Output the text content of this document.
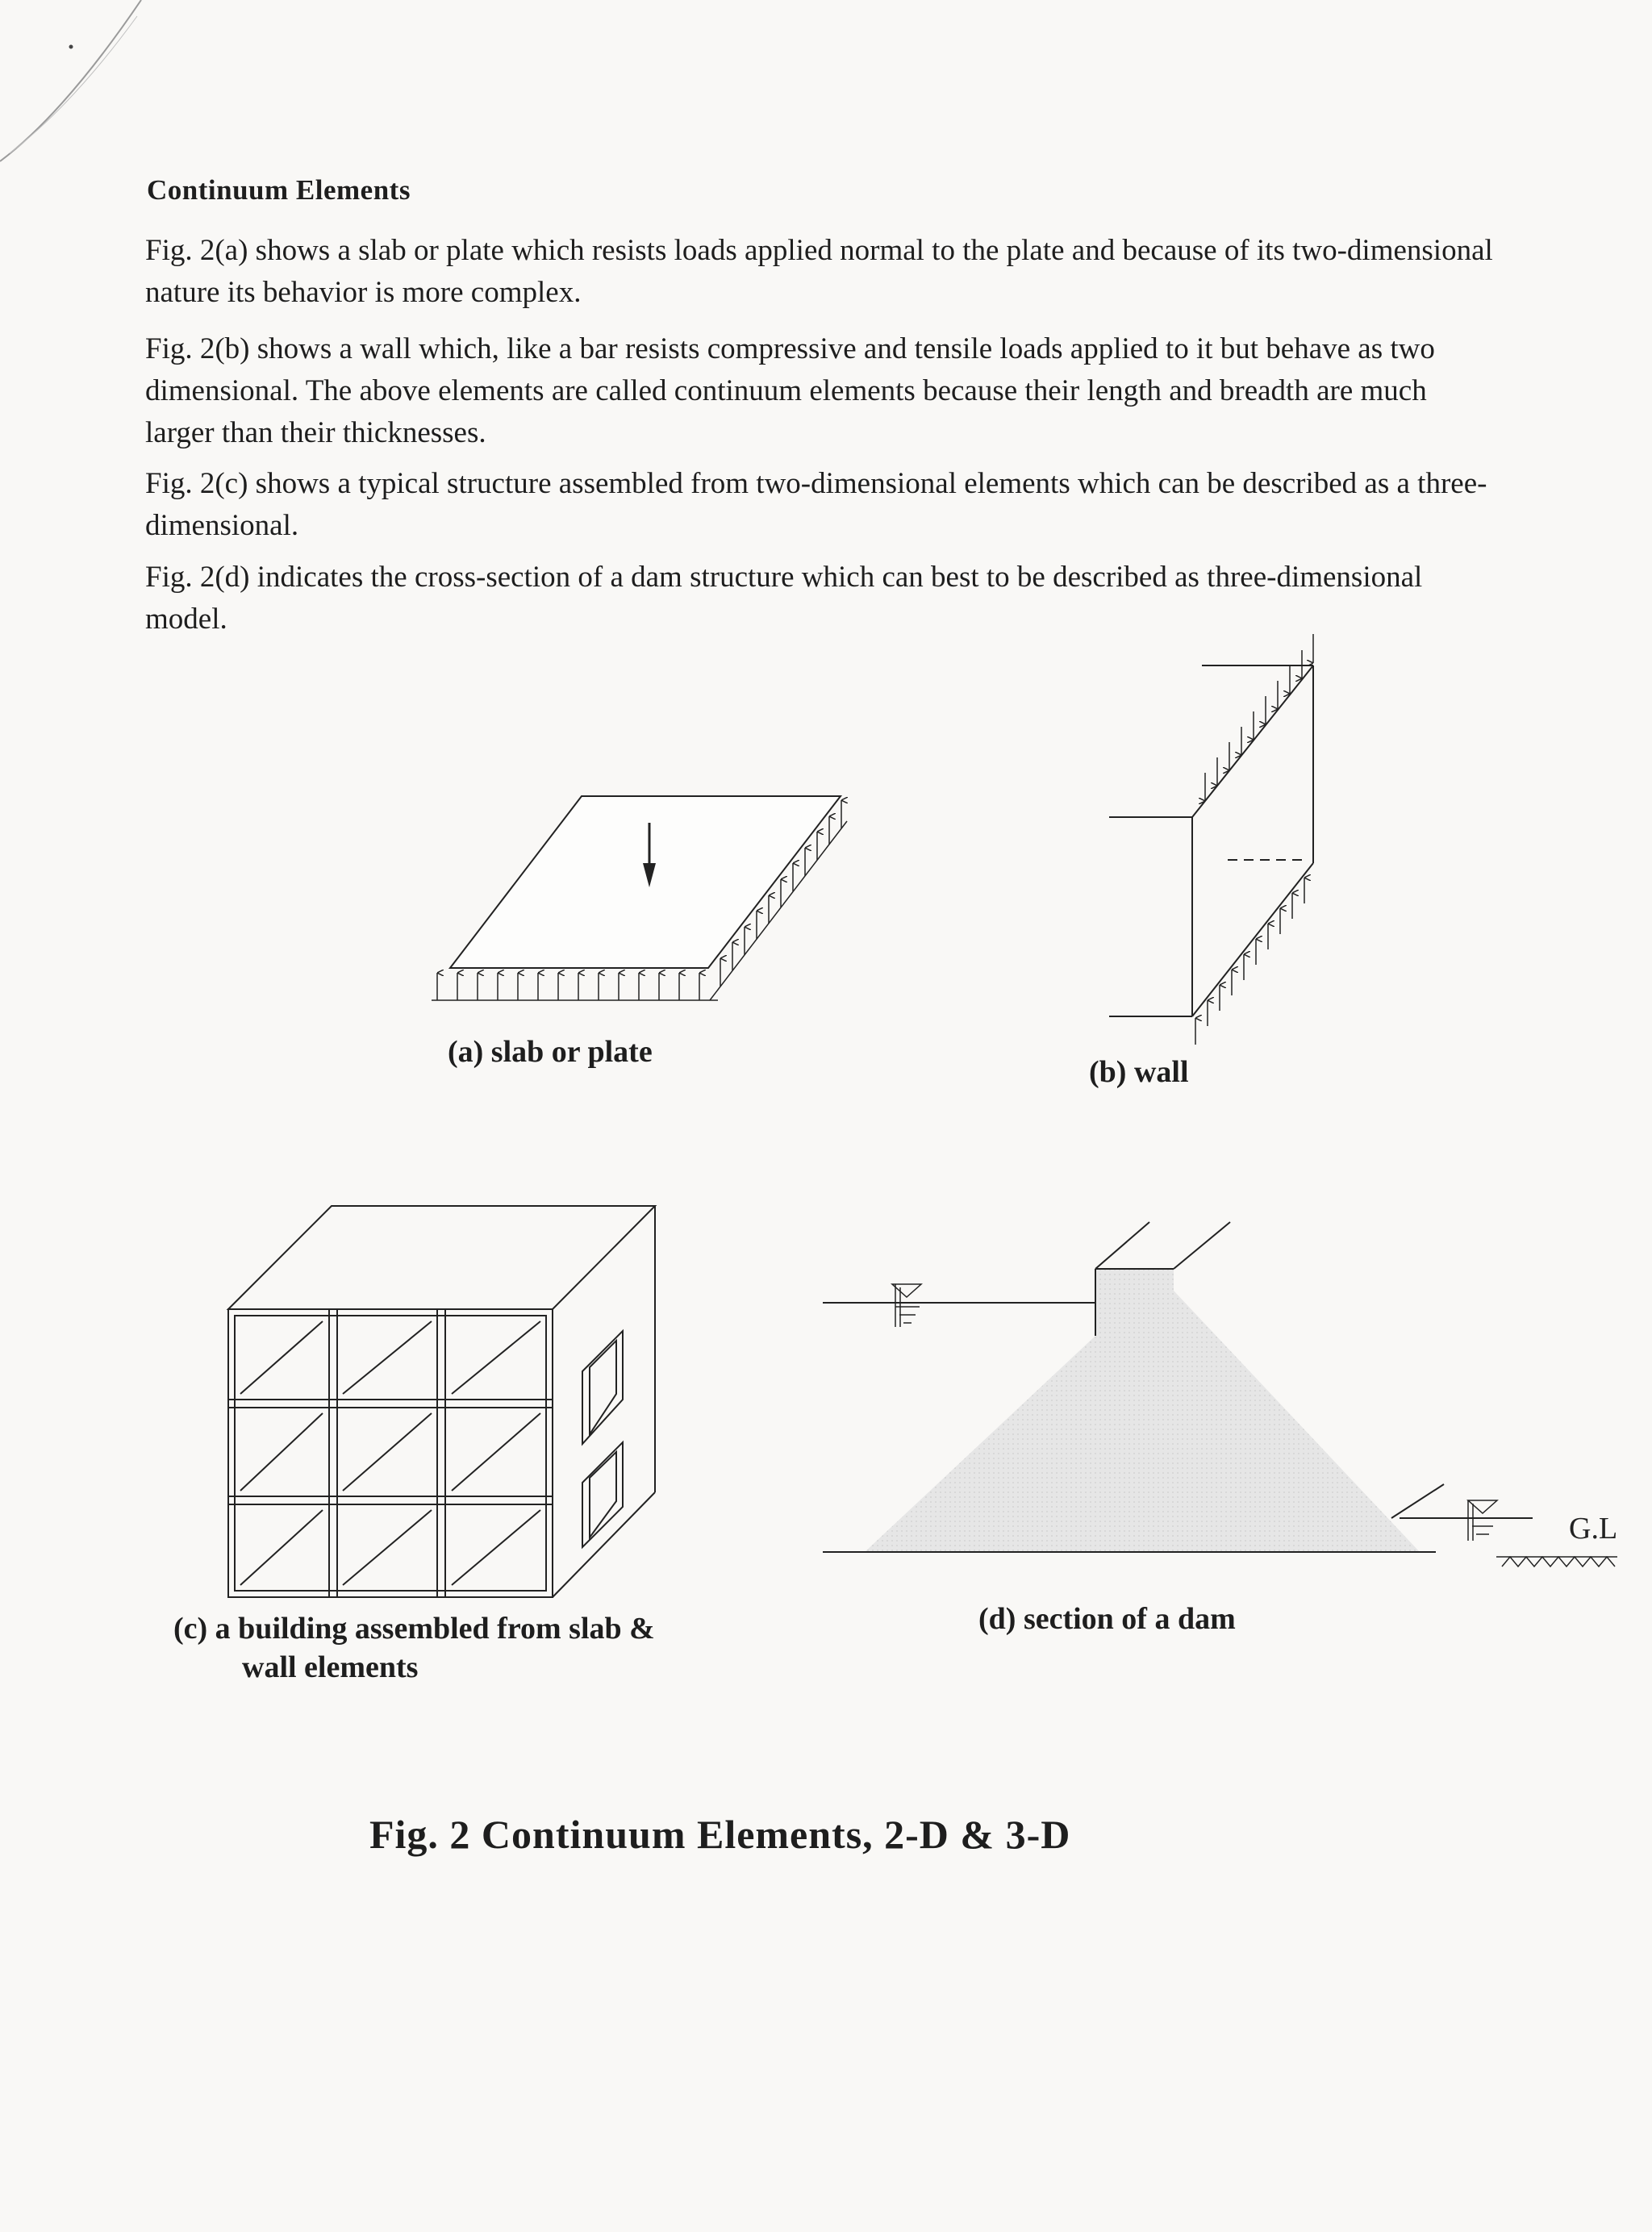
Continuum Elements
Fig. 2(a) shows a slab or plate which resists loads applied normal to the plate and because of its two-dimensional nature its behavior is more complex.
Fig. 2(b) shows a wall which, like a bar resists compressive and tensile loads applied to it but behave as two dimensional. The above elements are called continuum elements because their length and breadth are much larger than their thicknesses.
Fig. 2(c) shows a typical structure assembled from two-dimensional elements which can be described as a three-dimensional.
Fig. 2(d) indicates the cross-section of a dam structure which can best to be described as three-dimensional model.
G.L
(a) slab or plate
(b) wall
(c) a building assembled from slab &
wall elements
(d) section of a dam
Fig. 2 Continuum Elements, 2-D & 3-D
